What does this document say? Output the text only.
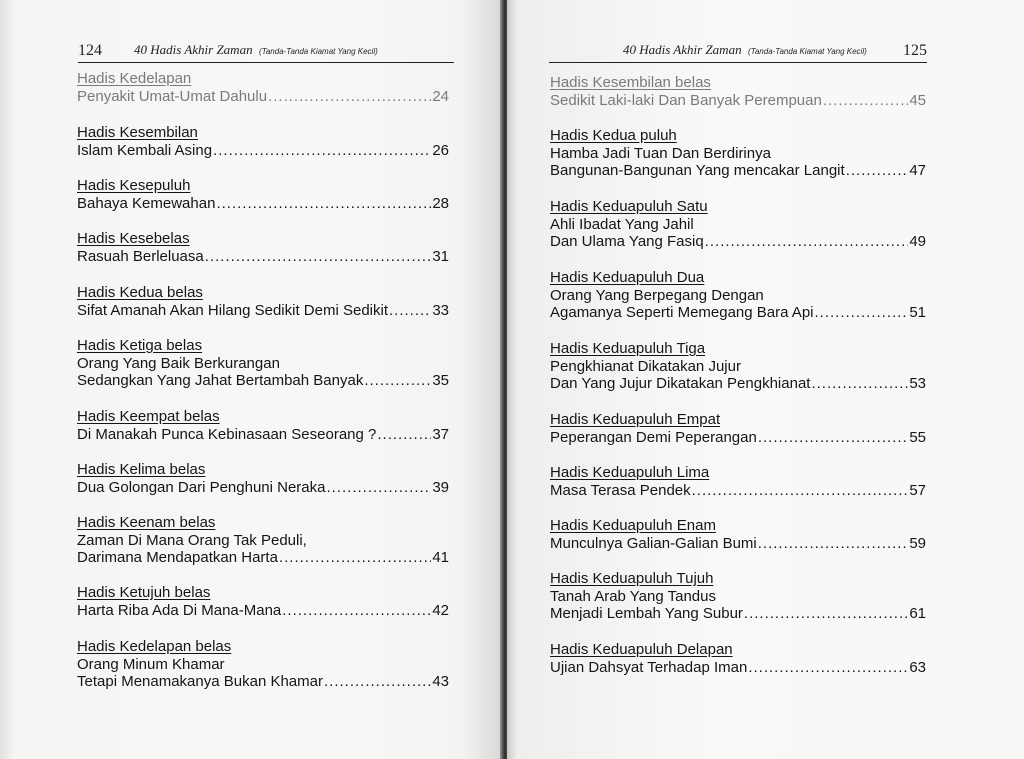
124 40 Hadis Akhir Zaman (Tanda-Tanda Kiamat Yang Kecil)
Hadis Kedelapan
Penyakit Umat-Umat Dahulu .....	24
Hadis Kesembilan
Islam Kembali Asing .....	26
Hadis Kesepuluh
Bahaya Kemewahan .....	28
Hadis Kesebelas
Rasuah Berleluasa .....	31
Hadis Kedua belas
Sifat Amanah Akan Hilang Sedikit Demi Sedikit .....	33
Hadis Ketiga belas
Orang Yang Baik Berkurangan
Sedangkan Yang Jahat Bertambah Banyak .....	35
Hadis Keempat belas
Di Manakah Punca Kebinasaan Seseorang ? .....	37
Hadis Kelima belas
Dua Golongan Dari Penghuni Neraka .....	39
Hadis Keenam belas
Zaman Di Mana Orang Tak Peduli,
Darimana Mendapatkan Harta .....	41
Hadis Ketujuh belas
Harta Riba Ada Di Mana-Mana .....	42
Hadis Kedelapan belas
Orang Minum Khamar
Tetapi Menamakanya Bukan Khamar .....	43
40 Hadis Akhir Zaman (Tanda-Tanda Kiamat Yang Kecil) 125
Hadis Kesembilan belas
Sedikit Laki-laki Dan Banyak Perempuan .....	45
Hadis Kedua puluh
Hamba Jadi Tuan Dan Berdirinya
Bangunan-Bangunan Yang mencakar Langit .....	47
Hadis Keduapuluh Satu
Ahli Ibadat Yang Jahil
Dan Ulama Yang Fasiq .....	49
Hadis Keduapuluh Dua
Orang Yang Berpegang Dengan
Agamanya Seperti Memegang Bara Api .....	51
Hadis Keduapuluh Tiga
Pengkhianat Dikatakan Jujur
Dan Yang Jujur Dikatakan Pengkhianat .....	53
Hadis Keduapuluh Empat
Peperangan Demi Peperangan .....	55
Hadis Keduapuluh Lima
Masa Terasa Pendek .....	57
Hadis Keduapuluh Enam
Munculnya Galian-Galian Bumi .....	59
Hadis Keduapuluh Tujuh
Tanah Arab Yang Tandus
Menjadi Lembah Yang Subur .....	61
Hadis Keduapuluh Delapan
Ujian Dahsyat Terhadap Iman .....	63
